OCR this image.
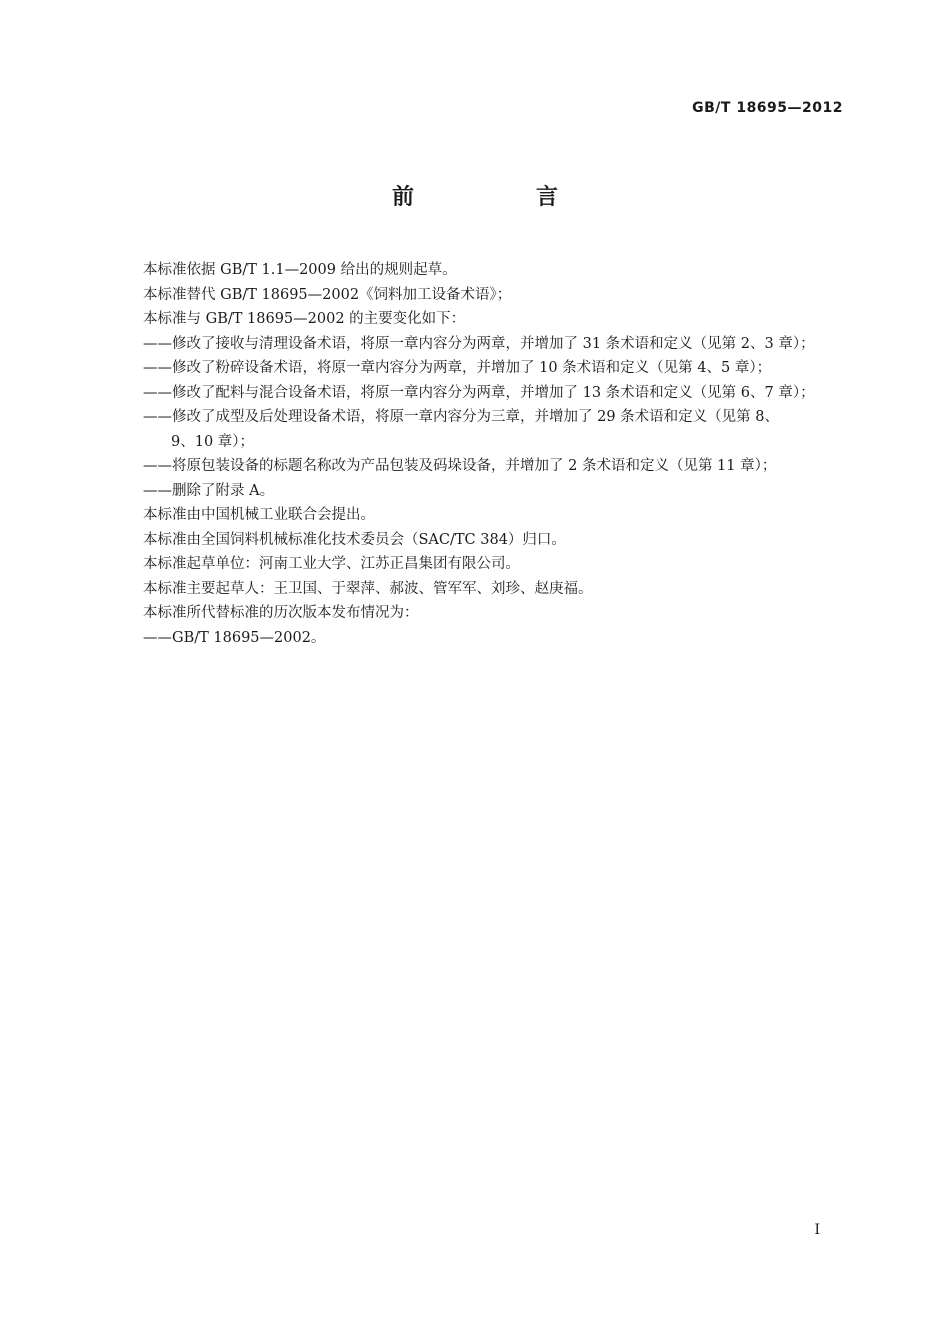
GB/T 18695—2012
前　言
本标准依据 GB/T 1.1—2009 给出的规则起草。
本标准替代 GB/T 18695—2002《饲料加工设备术语》；
本标准与 GB/T 18695—2002 的主要变化如下：
——修改了接收与清理设备术语，将原一章内容分为两章，并增加了 31 条术语和定义（见第 2、3 章）；
——修改了粉碎设备术语，将原一章内容分为两章，并增加了 10 条术语和定义（见第 4、5 章）；
——修改了配料与混合设备术语，将原一章内容分为两章，并增加了 13 条术语和定义（见第 6、7 章）；
——修改了成型及后处理设备术语，将原一章内容分为三章，并增加了 29 条术语和定义（见第 8、
9、10 章）；
——将原包装设备的标题名称改为产品包装及码垛设备，并增加了 2 条术语和定义（见第 11 章）；
——删除了附录 A。
本标准由中国机械工业联合会提出。
本标准由全国饲料机械标准化技术委员会（SAC/TC 384）归口。
本标准起草单位：河南工业大学、江苏正昌集团有限公司。
本标准主要起草人：王卫国、于翠萍、郝波、管军军、刘珍、赵庚福。
本标准所代替标准的历次版本发布情况为：
——GB/T 18695—2002。
I
